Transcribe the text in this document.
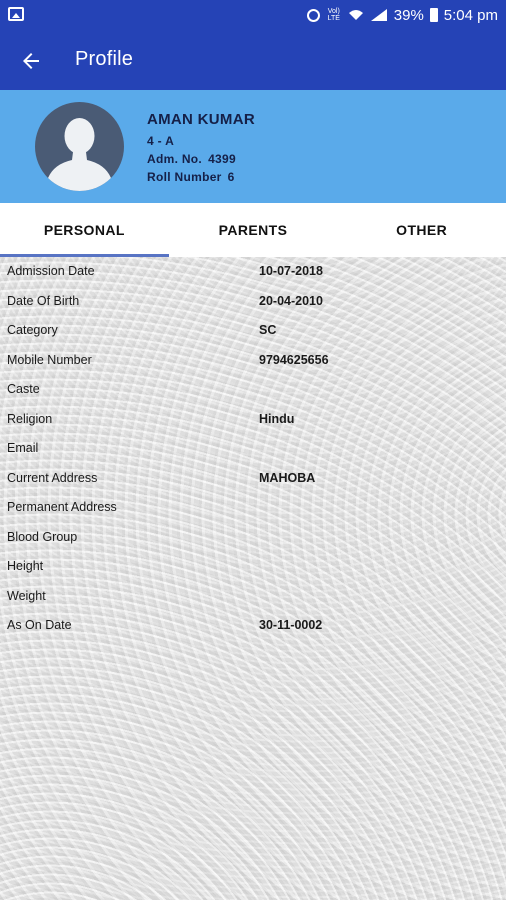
Vol) LTE	39% 5:04 pm
Profile
AMAN KUMAR
4 - A
Adm. No. 4399
Roll Number 6
PERSONAL	PARENTS	OTHER
Admission Date	10-07-2018
Date Of Birth	20-04-2010
Category	SC
Mobile Number	9794625656
Caste
Religion	Hindu
Email
Current Address	MAHOBA
Permanent Address
Blood Group
Height
Weight
As On Date	30-11-0002
